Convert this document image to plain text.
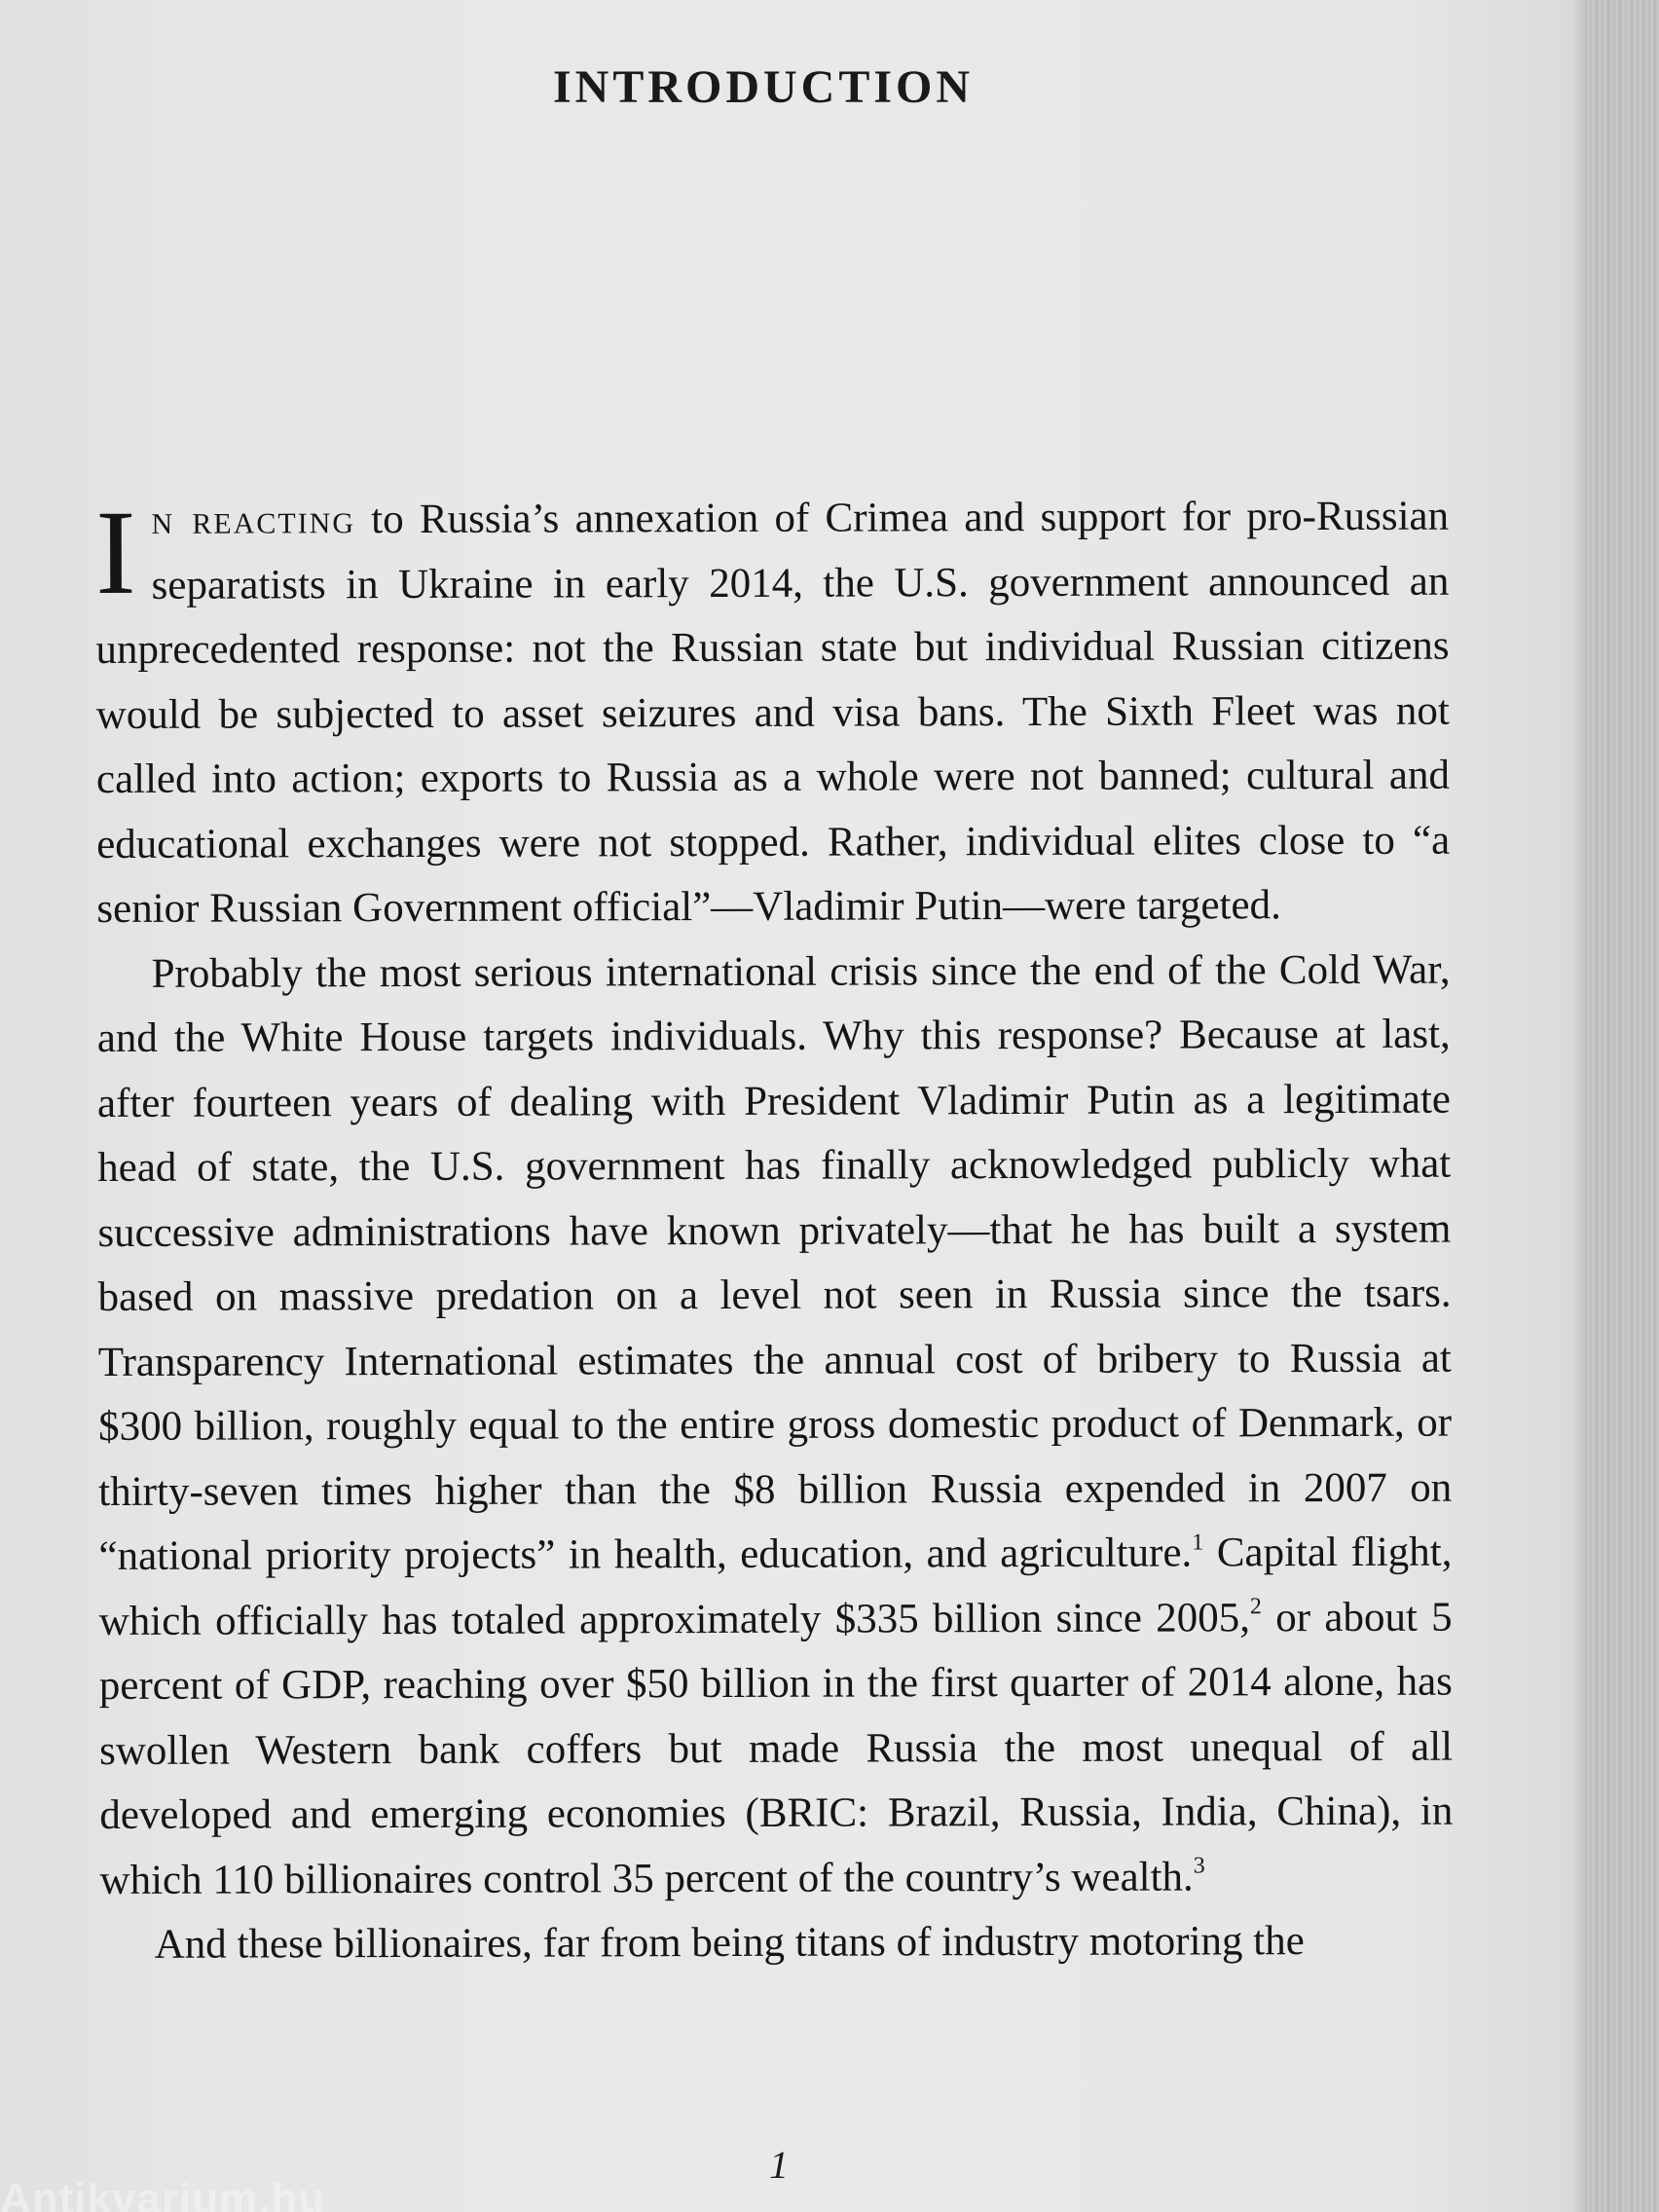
INTRODUCTION

In reacting to Russia’s annexation of Crimea and support for pro-Russian separatists in Ukraine in early 2014, the U.S. government announced an unprecedented response: not the Russian state but individual Russian citizens would be subjected to asset seizures and visa bans. The Sixth Fleet was not called into action; exports to Russia as a whole were not banned; cultural and educational exchanges were not stopped. Rather, individual elites close to “a senior Russian Government official”—Vladimir Putin—were targeted.

Probably the most serious international crisis since the end of the Cold War, and the White House targets individuals. Why this response? Because at last, after fourteen years of dealing with President Vladimir Putin as a legitimate head of state, the U.S. government has finally acknowledged publicly what successive administrations have known privately—that he has built a system based on massive predation on a level not seen in Russia since the tsars. Transparency International estimates the annual cost of bribery to Russia at $300 billion, roughly equal to the entire gross domestic product of Denmark, or thirty-seven times higher than the $8 billion Russia expended in 2007 on “national priority projects” in health, education, and agriculture.$^1$ Capital flight, which officially has totaled approximately $335 billion since 2005,$^2$ or about 5 percent of GDP, reaching over $50 billion in the first quarter of 2014 alone, has swollen Western bank coffers but made Russia the most unequal of all developed and emerging economies (BRIC: Brazil, Russia, India, China), in which 110 billionaires control 35 percent of the country’s wealth.$^3$

And these billionaires, far from being titans of industry motoring the

1
Antikvarium.hu
